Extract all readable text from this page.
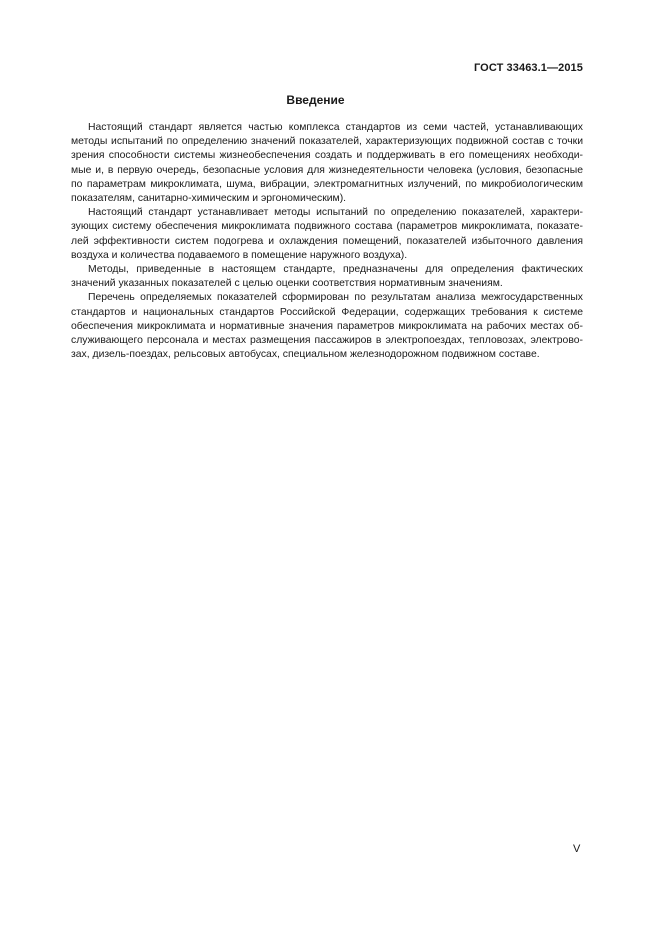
ГОСТ 33463.1—2015
Введение

Настоящий стандарт является частью комплекса стандартов из семи частей, устанавливающих методы испытаний по определению значений показателей, характеризующих подвижной состав с точки зрения способности системы жизнеобеспечения создать и поддерживать в его помещениях необходимые и, в первую очередь, безопасные условия для жизнедеятельности человека (условия, безопасные по параметрам микроклимата, шума, вибрации, электромагнитных излучений, по микробиологическим показателям, санитарно-химическим и эргономическим).

Настоящий стандарт устанавливает методы испытаний по определению показателей, характеризующих систему обеспечения микроклимата подвижного состава (параметров микроклимата, показателей эффективности систем подогрева и охлаждения помещений, показателей избыточного давления воздуха и количества подаваемого в помещение наружного воздуха).

Методы, приведенные в настоящем стандарте, предназначены для определения фактических значений указанных показателей с целью оценки соответствия нормативным значениям.

Перечень определяемых показателей сформирован по результатам анализа межгосударственных стандартов и национальных стандартов Российской Федерации, содержащих требования к системе обеспечения микроклимата и нормативные значения параметров микроклимата на рабочих местах обслуживающего персонала и местах размещения пассажиров в электропоездах, тепловозах, электровозах, дизель-поездах, рельсовых автобусах, специальном железнодорожном подвижном составе.

V
